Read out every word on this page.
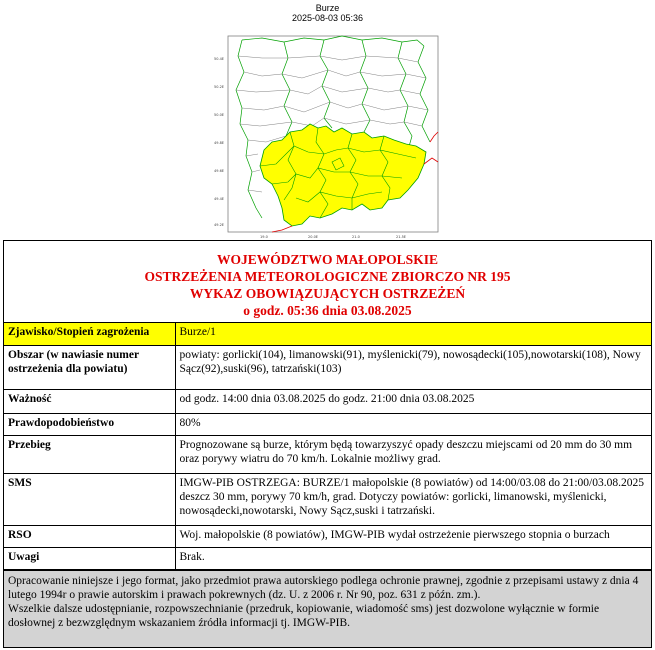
Burze
2025-08-03 05:36
50.4E
50.2E
50.0E
49.8E
49.6E
49.4E
49.2E
19.0	20.0E	21.0	21.5E
WOJEWÓDZTWO MAŁOPOLSKIE
OSTRZEŻENIA METEOROLOGICZNE ZBIORCZO NR 195
WYKAZ OBOWIĄZUJĄCYCH OSTRZEŻEŃ
o godz. 05:36 dnia 03.08.2025
Zjawisko/Stopień zagrożenia	Burze/1
Obszar (w nawiasie numer ostrzeżenia dla powiatu)	powiaty: gorlicki(104), limanowski(91), myślenicki(79), nowosądecki(105),nowotarski(108), Nowy Sącz(92),suski(96), tatrzański(103)
Ważność	od godz. 14:00 dnia 03.08.2025 do godz. 21:00 dnia 03.08.2025
Prawdopodobieństwo	80%
Przebieg	Prognozowane są burze, którym będą towarzyszyć opady deszczu miejscami od 20 mm do 30 mm oraz porywy wiatru do 70 km/h. Lokalnie możliwy grad.
SMS	IMGW-PIB OSTRZEGA: BURZE/1 małopolskie (8 powiatów) od 14:00/03.08 do 21:00/03.08.2025 deszcz 30 mm, porywy 70 km/h, grad. Dotyczy powiatów: gorlicki, limanowski, myślenicki, nowosądecki,nowotarski, Nowy Sącz,suski i tatrzański.
RSO	Woj. małopolskie (8 powiatów), IMGW-PIB wydał ostrzeżenie pierwszego stopnia o burzach
Uwagi	Brak.

Opracowanie niniejsze i jego format, jako przedmiot prawa autorskiego podlega ochronie prawnej, zgodnie z przepisami ustawy z dnia 4 lutego 1994r o prawie autorskim i prawach pokrewnych (dz. U. z 2006 r. Nr 90, poz. 631 z późn. zm.).

Wszelkie dalsze udostępnianie, rozpowszechnianie (przedruk, kopiowanie, wiadomość sms) jest dozwolone wyłącznie w formie dosłownej z bezwzględnym wskazaniem źródła informacji tj. IMGW-PIB.
